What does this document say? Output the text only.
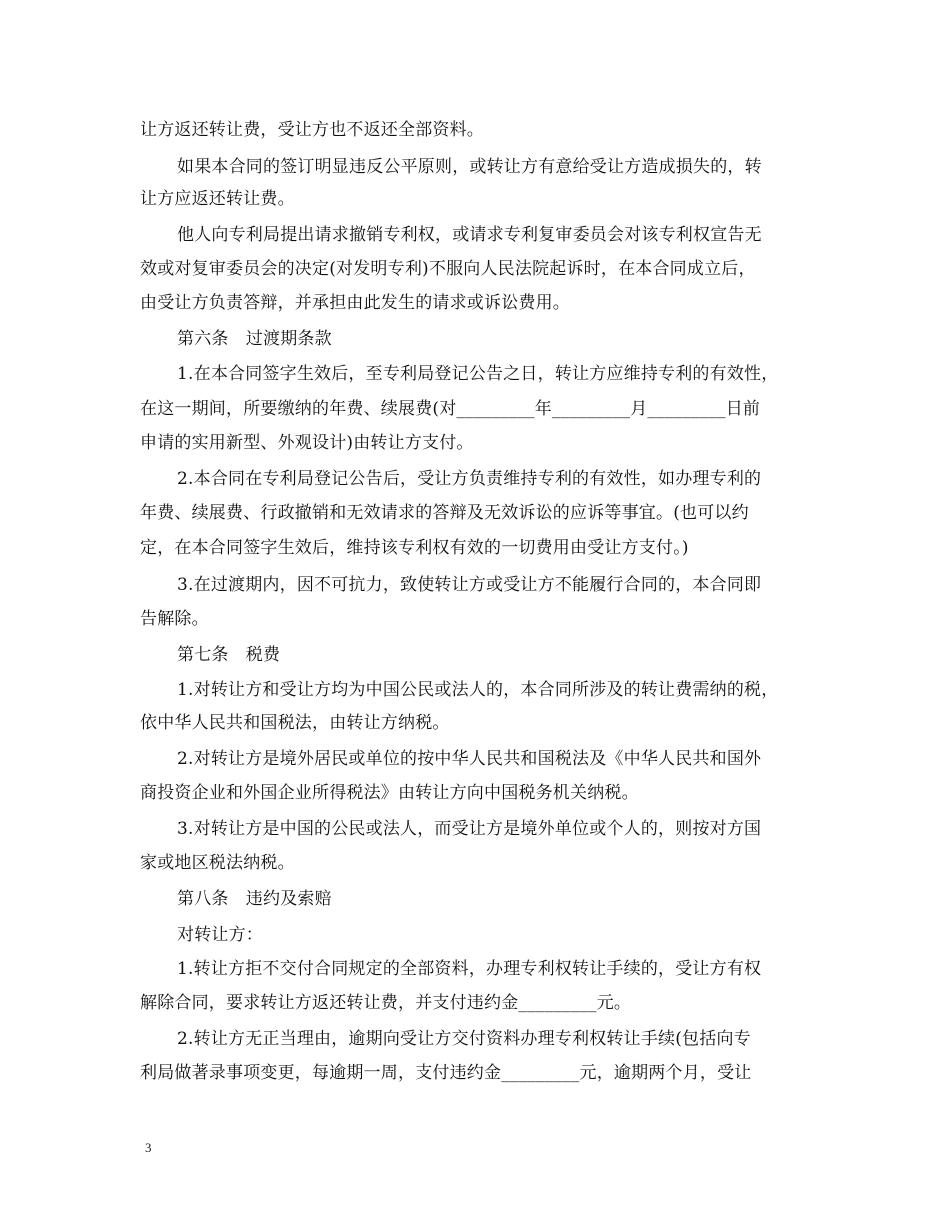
让方返还转让费，受让方也不返还全部资料。
如果本合同的签订明显违反公平原则，或转让方有意给受让方造成损失的，转
让方应返还转让费。
他人向专利局提出请求撤销专利权，或请求专利复审委员会对该专利权宣告无
效或对复审委员会的决定(对发明专利)不服向人民法院起诉时，在本合同成立后，
由受让方负责答辩，并承担由此发生的请求或诉讼费用。
第六条　过渡期条款
1.在本合同签字生效后，至专利局登记公告之日，转让方应维持专利的有效性，
在这一期间，所要缴纳的年费、续展费(对_________年_________月_________日前
申请的实用新型、外观设计)由转让方支付。
2.本合同在专利局登记公告后，受让方负责维持专利的有效性，如办理专利的
年费、续展费、行政撤销和无效请求的答辩及无效诉讼的应诉等事宜。(也可以约
定，在本合同签字生效后，维持该专利权有效的一切费用由受让方支付。)
3.在过渡期内，因不可抗力，致使转让方或受让方不能履行合同的，本合同即
告解除。
第七条　税费
1.对转让方和受让方均为中国公民或法人的，本合同所涉及的转让费需纳的税，
依中华人民共和国税法，由转让方纳税。
2.对转让方是境外居民或单位的按中华人民共和国税法及《中华人民共和国外
商投资企业和外国企业所得税法》由转让方向中国税务机关纳税。
3.对转让方是中国的公民或法人，而受让方是境外单位或个人的，则按对方国
家或地区税法纳税。
第八条　违约及索赔
对转让方：
1.转让方拒不交付合同规定的全部资料，办理专利权转让手续的，受让方有权
解除合同，要求转让方返还转让费，并支付违约金_________元。
2.转让方无正当理由，逾期向受让方交付资料办理专利权转让手续(包括向专
利局做著录事项变更，每逾期一周，支付违约金_________元，逾期两个月，受让
3
